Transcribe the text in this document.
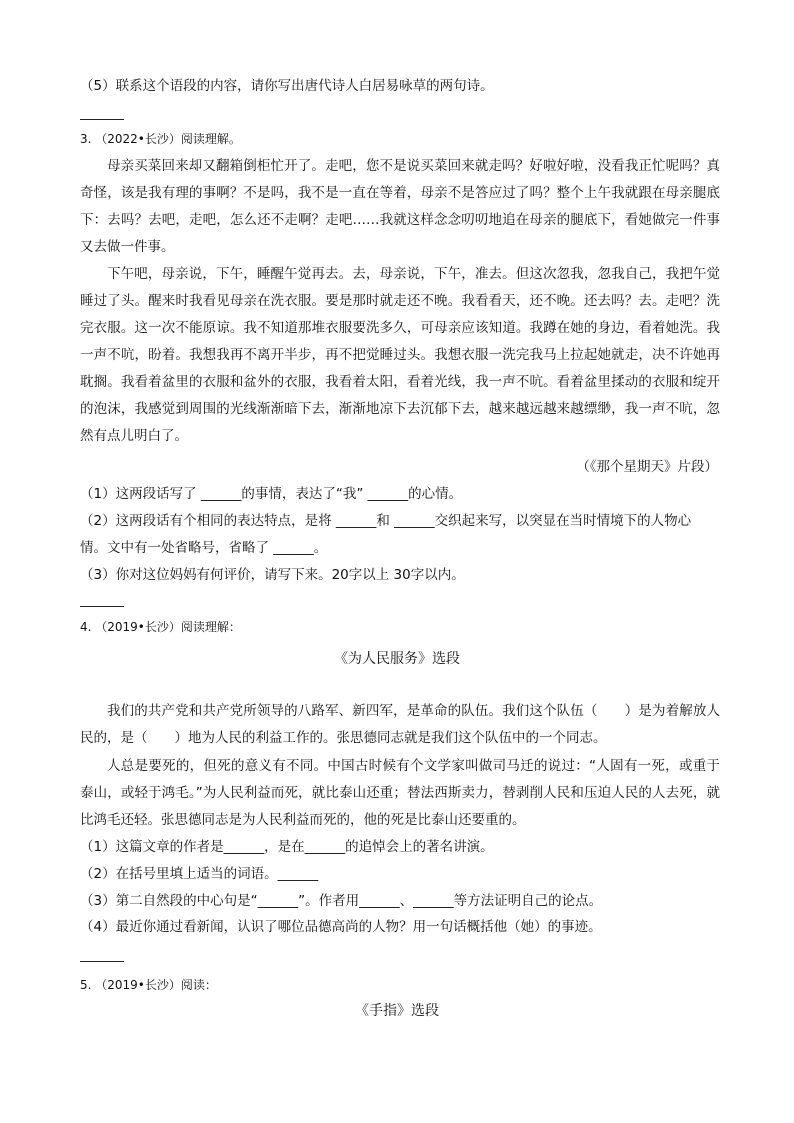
（5）联系这个语段的内容，请你写出唐代诗人白居易咏草的两句诗。
3. （2022•长沙）阅读理解。
母亲买菜回来却又翻箱倒柜忙开了。走吧，您不是说买菜回来就走吗？好啦好啦，没看我正忙呢吗？真奇怪，该是我有理的事啊？不是吗，我不是一直在等着，母亲不是答应过了吗？整个上午我就跟在母亲腿底下：去吗？去吧，走吧，怎么还不走啊？走吧……我就这样念念叨叨地追在母亲的腿底下，看她做完一件事又去做一件事。
下午吧，母亲说，下午，睡醒午觉再去。去，母亲说，下午，准去。但这次忽我，忽我自己，我把午觉睡过了头。醒来时我看见母亲在洗衣服。要是那时就走还不晚。我看看天，还不晚。还去吗？去。走吧？洗完衣服。这一次不能原谅。我不知道那堆衣服要洗多久，可母亲应该知道。我蹲在她的身边，看着她洗。我一声不吭，盼着。我想我再不离开半步，再不把觉睡过头。我想衣服一洗完我马上拉起她就走，决不许她再耽搁。我看着盆里的衣服和盆外的衣服，我看着太阳，看着光线，我一声不吭。看着盆里揉动的衣服和绽开的泡沫，我感觉到周围的光线渐渐暗下去，渐渐地凉下去沉郁下去，越来越远越来越缥缈，我一声不吭，忽然有点儿明白了。
（《那个星期天》片段）
（1）这两段话写了 ______的事情，表达了“我” ______的心情。
（2）这两段话有个相同的表达特点，是将 ______和 ______交织起来写，以突显在当时情境下的人物心
情。文中有一处省略号，省略了 ______。
（3）你对这位妈妈有何评价，请写下来。20字以上 30字以内。
4. （2019•长沙）阅读理解：
《为人民服务》选段
我们的共产党和共产党所领导的八路军、新四军，是革命的队伍。我们这个队伍（　　）是为着解放人民的，是（　　）地为人民的利益工作的。张思德同志就是我们这个队伍中的一个同志。
人总是要死的，但死的意义有不同。中国古时候有个文学家叫做司马迁的说过：“人固有一死，或重于泰山，或轻于鸿毛。”为人民利益而死，就比泰山还重；替法西斯卖力，替剥削人民和压迫人民的人去死，就比鸿毛还轻。张思德同志是为人民利益而死的，他的死是比泰山还要重的。
（1）这篇文章的作者是______，是在______的追悼会上的著名讲演。
（2）在括号里填上适当的词语。______
（3）第二自然段的中心句是“______”。作者用______、______等方法证明自己的论点。
（4）最近你通过看新闻，认识了哪位品德高尚的人物？用一句话概括他（她）的事迹。
5. （2019•长沙）阅读：
《手指》选段
